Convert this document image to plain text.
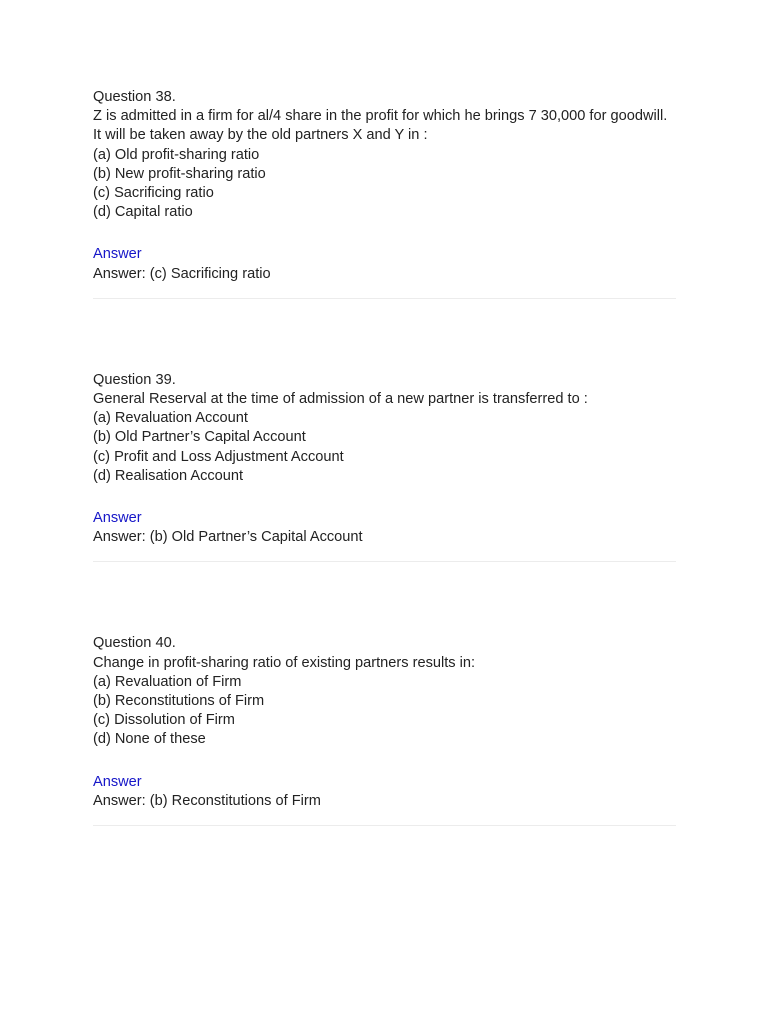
Question 38.
Z is admitted in a firm for al/4 share in the profit for which he brings 7 30,000 for goodwill. It will be taken away by the old partners X and Y in :
(a) Old profit-sharing ratio
(b) New profit-sharing ratio
(c) Sacrificing ratio
(d) Capital ratio
Answer
Answer: (c) Sacrificing ratio
Question 39.
General Reserval at the time of admission of a new partner is transferred to :
(a) Revaluation Account
(b) Old Partner’s Capital Account
(c) Profit and Loss Adjustment Account
(d) Realisation Account
Answer
Answer: (b) Old Partner’s Capital Account
Question 40.
Change in profit-sharing ratio of existing partners results in:
(a) Revaluation of Firm
(b) Reconstitutions of Firm
(c) Dissolution of Firm
(d) None of these
Answer
Answer: (b) Reconstitutions of Firm
